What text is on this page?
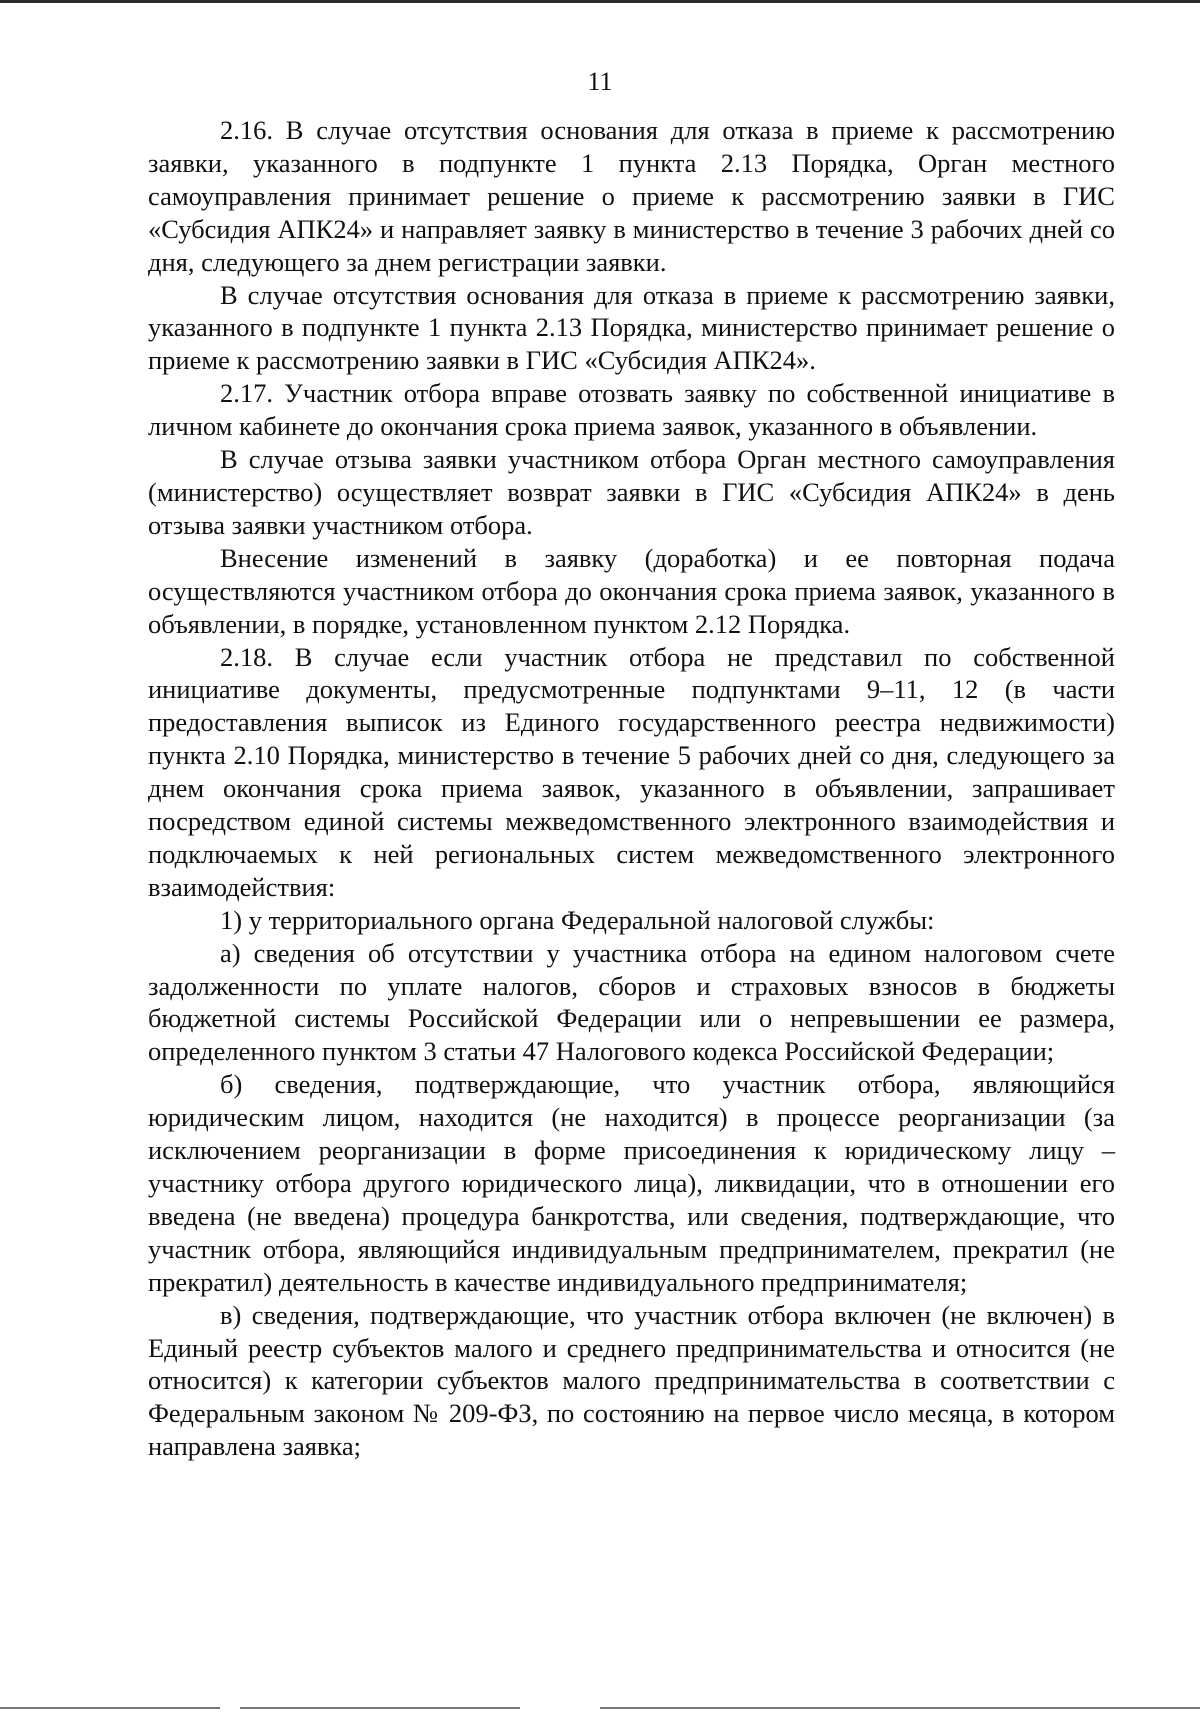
11

2.16. В случае отсутствия основания для отказа в приеме к рассмотрению заявки, указанного в подпункте 1 пункта 2.13 Порядка, Орган местного самоуправления принимает решение о приеме к рассмотрению заявки в ГИС «Субсидия АПК24» и направляет заявку в министерство в течение 3 рабочих дней со дня, следующего за днем регистрации заявки.

В случае отсутствия основания для отказа в приеме к рассмотрению заявки, указанного в подпункте 1 пункта 2.13 Порядка, министерство принимает решение о приеме к рассмотрению заявки в ГИС «Субсидия АПК24».

2.17. Участник отбора вправе отозвать заявку по собственной инициативе в личном кабинете до окончания срока приема заявок, указанного в объявлении.

В случае отзыва заявки участником отбора Орган местного самоуправления (министерство) осуществляет возврат заявки в ГИС «Субсидия АПК24» в день отзыва заявки участником отбора.

Внесение изменений в заявку (доработка) и ее повторная подача осуществляются участником отбора до окончания срока приема заявок, указанного в объявлении, в порядке, установленном пунктом 2.12 Порядка.

2.18. В случае если участник отбора не представил по собственной инициативе документы, предусмотренные подпунктами 9–11, 12 (в части предоставления выписок из Единого государственного реестра недвижимости) пункта 2.10 Порядка, министерство в течение 5 рабочих дней со дня, следующего за днем окончания срока приема заявок, указанного в объявлении, запрашивает посредством единой системы межведомственного электронного взаимодействия и подключаемых к ней региональных систем межведомственного электронного взаимодействия:

1) у территориального органа Федеральной налоговой службы:

а) сведения об отсутствии у участника отбора на едином налоговом счете задолженности по уплате налогов, сборов и страховых взносов в бюджеты бюджетной системы Российской Федерации или о непревышении ее размера, определенного пунктом 3 статьи 47 Налогового кодекса Российской Федерации;

б) сведения, подтверждающие, что участник отбора, являющийся юридическим лицом, находится (не находится) в процессе реорганизации (за исключением реорганизации в форме присоединения к юридическому лицу – участнику отбора другого юридического лица), ликвидации, что в отношении его введена (не введена) процедура банкротства, или сведения, подтверждающие, что участник отбора, являющийся индивидуальным предпринимателем, прекратил (не прекратил) деятельность в качестве индивидуального предпринимателя;

в) сведения, подтверждающие, что участник отбора включен (не включен) в Единый реестр субъектов малого и среднего предпринимательства и относится (не относится) к категории субъектов малого предпринимательства в соответствии с Федеральным законом № 209-ФЗ, по состоянию на первое число месяца, в котором направлена заявка;
